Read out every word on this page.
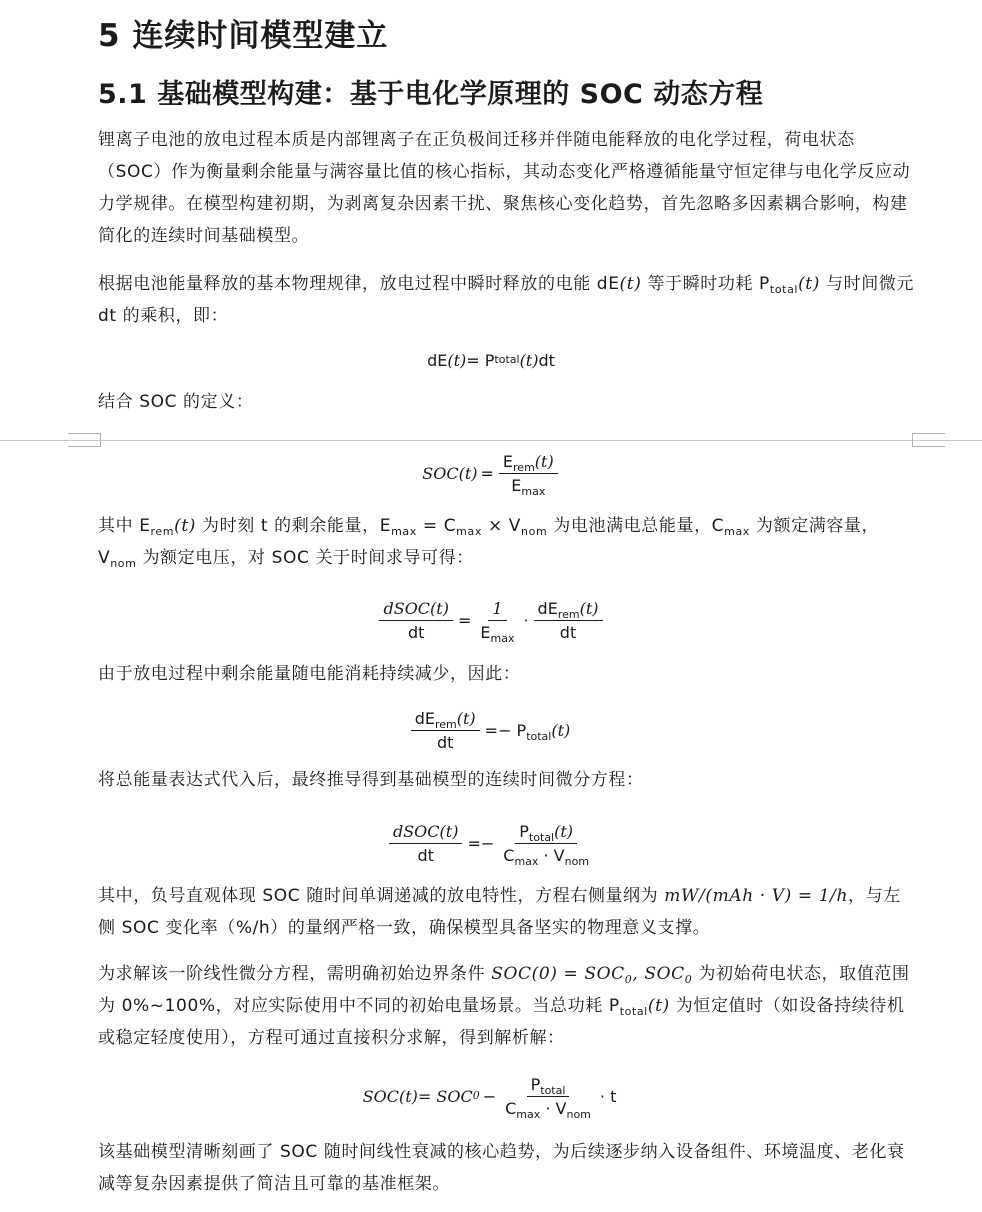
5 连续时间模型建立
5.1 基础模型构建：基于电化学原理的 SOC 动态方程

锂离子电池的放电过程本质是内部锂离子在正负极间迁移并伴随电能释放的电化学过程，荷电状态（SOC）作为衡量剩余能量与满容量比值的核心指标，其动态变化严格遵循能量守恒定律与电化学反应动力学规律。在模型构建初期，为剥离复杂因素干扰、聚焦核心变化趋势，首先忽略多因素耦合影响，构建简化的连续时间基础模型。

根据电池能量释放的基本物理规律，放电过程中瞬时释放的电能 dE(t) 等于瞬时功耗 $P_{total}(t)$ 与时间微元 dt 的乘积，即：

dE (t) = P total (t) dt

结合 SOC 的定义：

SOC $(t) = \frac{E_{rem}(t)}{E_{max}}$

其中 $E_{rem}(t)$ 为时刻 t 的剩余能量，$E_{max} = C_{max} \times V_{nom}$ 为电池满电总能量，$C_{max}$ 为额定满容量，$V_{nom}$ 为额定电压，对 SOC 关于时间求导可得：

$\frac{\text{dSOC(t)}}{dt} = \frac{1}{E_{max}} \cdot \frac{dE_{rem}(t)}{dt}$

由于放电过程中剩余能量随电能消耗持续减少，因此：

$\frac{dE_{rem}(t)}{dt} =- P_{total}(t)$

将总能量表达式代入后，最终推导得到基础模型的连续时间微分方程：

$\frac{\text{dSOC(t)}}{dt} =- \frac{P_{total}(t)}{C_{max} \cdot V_{nom}}$

其中，负号直观体现 SOC 随时间单调递减的放电特性，方程右侧量纲为 mW/(mAh · V) = 1/h，与左侧 SOC 变化率（%/h）的量纲严格一致，确保模型具备坚实的物理意义支撑。

为求解该一阶线性微分方程，需明确初始边界条件 $SOC(0) = SOC_0$, $SOC_0$ 为初始荷电状态，取值范围为 0%~100%，对应实际使用中不同的初始电量场景。当总功耗 $P_{total}(t)$ 为恒定值时（如设备持续待机或稳定轻度使用），方程可通过直接积分求解，得到解析解：

SOC (t) = SOC $0 - \frac{P_{total}}{C_{max} \cdot V_{nom}} \cdot t$

该基础模型清晰刻画了 SOC 随时间线性衰减的核心趋势，为后续逐步纳入设备组件、环境温度、老化衰减等复杂因素提供了简洁且可靠的基准框架。
